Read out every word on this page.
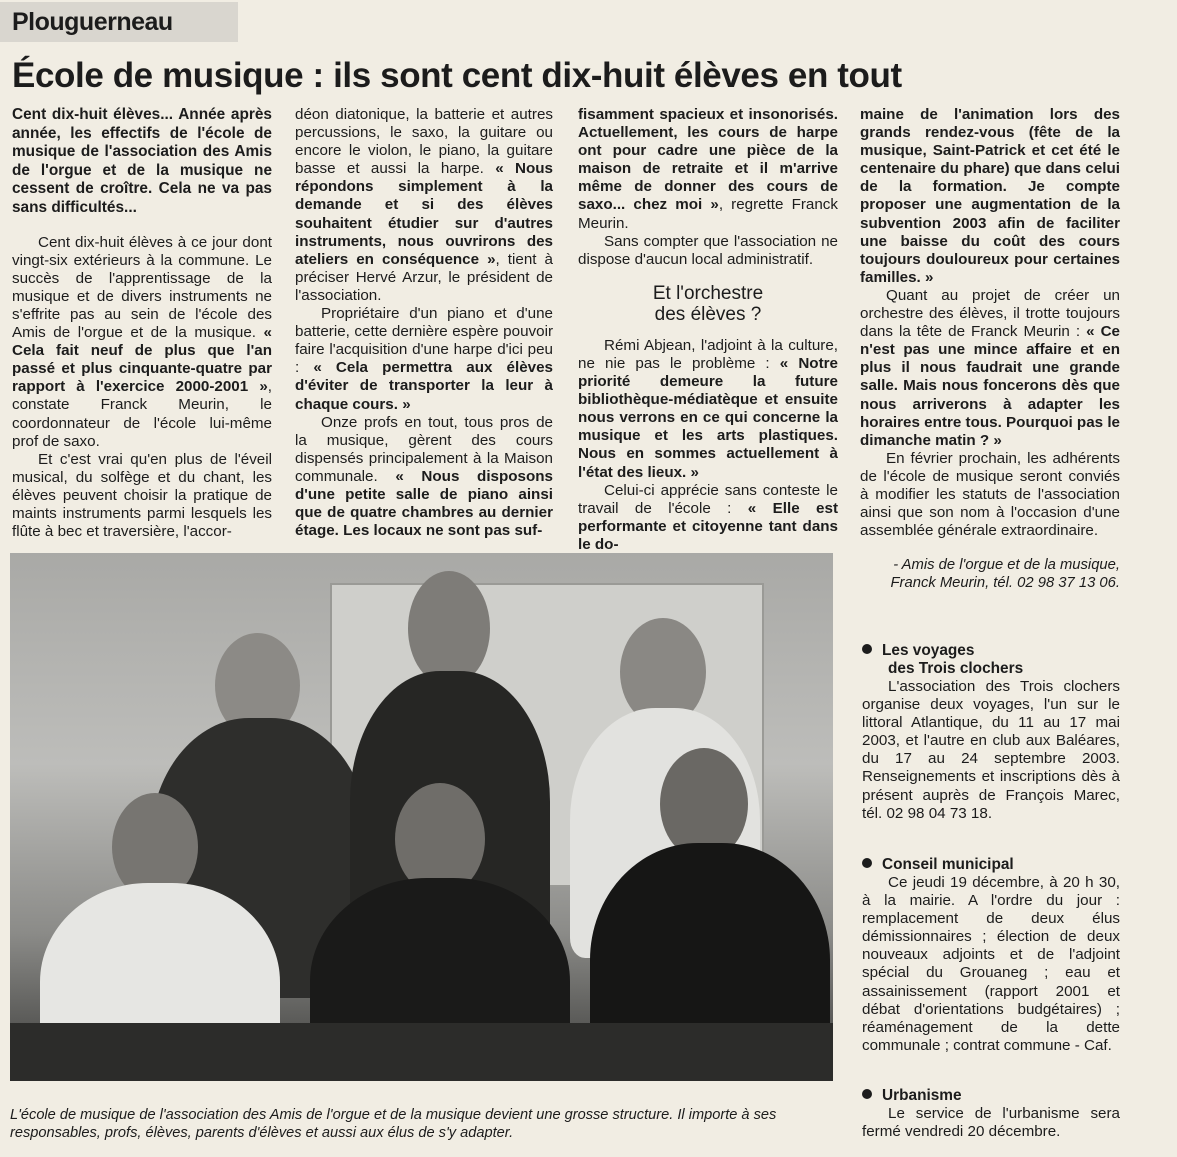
Plouguerneau
École de musique : ils sont cent dix-huit élèves en tout

Cent dix-huit élèves... Année après année, les effectifs de l'école de musique de l'association des Amis de l'orgue et de la musique ne cessent de croître. Cela ne va pas sans difficultés...

Cent dix-huit élèves à ce jour dont vingt-six extérieurs à la commune. Le succès de l'apprentissage de la musique et de divers instruments ne s'effrite pas au sein de l'école des Amis de l'orgue et de la musique. « Cela fait neuf de plus que l'an passé et plus cinquante-quatre par rapport à l'exercice 2000-2001 », constate Franck Meurin, le coordonnateur de l'école lui-même prof de saxo.

Et c'est vrai qu'en plus de l'éveil musical, du solfège et du chant, les élèves peuvent choisir la pratique de maints instruments parmi lesquels les flûte à bec et traversière, l'accor-

déon diatonique, la batterie et autres percussions, le saxo, la guitare ou encore le violon, le piano, la guitare basse et aussi la harpe. « Nous répondons simplement à la demande et si des élèves souhaitent étudier sur d'autres instruments, nous ouvrirons des ateliers en conséquence », tient à préciser Hervé Arzur, le président de l'association.

Propriétaire d'un piano et d'une batterie, cette dernière espère pouvoir faire l'acquisition d'une harpe d'ici peu : « Cela permettra aux élèves d'éviter de transporter la leur à chaque cours. »

Onze profs en tout, tous pros de la musique, gèrent des cours dispensés principalement à la Maison communale. « Nous disposons d'une petite salle de piano ainsi que de quatre chambres au dernier étage. Les locaux ne sont pas suf-

fisamment spacieux et insonorisés. Actuellement, les cours de harpe ont pour cadre une pièce de la maison de retraite et il m'arrive même de donner des cours de saxo... chez moi », regrette Franck Meurin.

Sans compter que l'association ne dispose d'aucun local administratif.

Et l'orchestre
des élèves ?

Rémi Abjean, l'adjoint à la culture, ne nie pas le problème : « Notre priorité demeure la future bibliothèque-médiatèque et ensuite nous verrons en ce qui concerne la musique et les arts plastiques. Nous en sommes actuellement à l'état des lieux. »

Celui-ci apprécie sans conteste le travail de l'école : « Elle est performante et citoyenne tant dans le do-

maine de l'animation lors des grands rendez-vous (fête de la musique, Saint-Patrick et cet été le centenaire du phare) que dans celui de la formation. Je compte proposer une augmentation de la subvention 2003 afin de faciliter une baisse du coût des cours toujours douloureux pour certaines familles. »

Quant au projet de créer un orchestre des élèves, il trotte toujours dans la tête de Franck Meurin : « Ce n'est pas une mince affaire et en plus il nous faudrait une grande salle. Mais nous foncerons dès que nous arriverons à adapter les horaires entre tous. Pourquoi pas le dimanche matin ? »

En février prochain, les adhérents de l'école de musique seront conviés à modifier les statuts de l'association ainsi que son nom à l'occasion d'une assemblée générale extraordinaire.

- Amis de l'orgue et de la musique,
Franck Meurin, tél. 02 98 37 13 06.
Les voyages
des Trois clochers

L'association des Trois clochers organise deux voyages, l'un sur le littoral Atlantique, du 11 au 17 mai 2003, et l'autre en club aux Baléares, du 17 au 24 septembre 2003. Renseignements et inscriptions dès à présent auprès de François Marec, tél. 02 98 04 73 18.

Conseil municipal

Ce jeudi 19 décembre, à 20 h 30, à la mairie. A l'ordre du jour : remplacement de deux élus démissionnaires ; élection de deux nouveaux adjoints et de l'adjoint spécial du Grouaneg ; eau et assainissement (rapport 2001 et débat d'orientations budgétaires) ; réaménagement de la dette communale ; contrat commune - Caf.

Urbanisme

Le service de l'urbanisme sera fermé vendredi 20 décembre.

L'école de musique de l'association des Amis de l'orgue et de la musique devient une grosse structure. Il importe à ses responsables, profs, élèves, parents d'élèves et aussi aux élus de s'y adapter.
